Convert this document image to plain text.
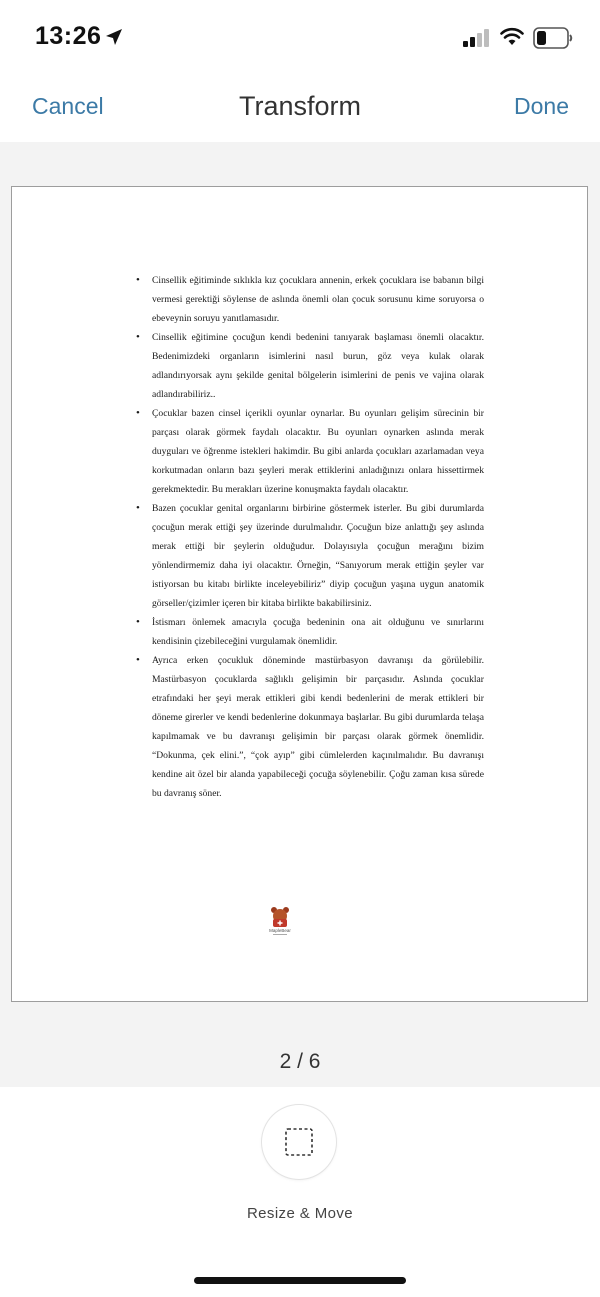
13:26
Cancel	Transform	Done
• Cinsellik eğitiminde sıklıkla kız çocuklara annenin, erkek çocuklara ise babanın bilgi vermesi gerektiği söylense de aslında önemli olan çocuk sorusunu kime soruyorsa o ebeveynin soruyu yanıtlamasıdır.
• Cinsellik eğitimine çocuğun kendi bedenini tanıyarak başlaması önemli olacaktır. Bedenimizdeki organların isimlerini nasıl burun, göz veya kulak olarak adlandırıyorsak aynı şekilde genital bölgelerin isimlerini de penis ve vajina olarak adlandırabiliriz..
• Çocuklar bazen cinsel içerikli oyunlar oynarlar. Bu oyunları gelişim sürecinin bir parçası olarak görmek faydalı olacaktır. Bu oyunları oynarken aslında merak duyguları ve öğrenme istekleri hakimdir. Bu gibi anlarda çocukları azarlamadan veya korkutmadan onların bazı şeyleri merak ettiklerini anladığınızı onlara hissettirmek gerekmektedir. Bu merakları üzerine konuşmakta faydalı olacaktır.
• Bazen çocuklar genital organlarını birbirine göstermek isterler. Bu gibi durumlarda çocuğun merak ettiği şey üzerinde durulmalıdır. Çocuğun bize anlattığı şey aslında merak ettiği bir şeylerin olduğudur. Dolayısıyla çocuğun merağını bizim yönlendirmemiz daha iyi olacaktır. Örneğin, “Sanıyorum merak ettiğin şeyler var istiyorsan bu kitabı birlikte inceleyebiliriz” diyip çocuğun yaşına uygun anatomik görseller/çizimler içeren bir kitaba birlikte bakabilirsiniz.
• İstismarı önlemek amacıyla çocuğa bedeninin ona ait olduğunu ve sınırlarını kendisinin çizebileceğini vurgulamak önemlidir.
• Ayrıca erken çocukluk döneminde mastürbasyon davranışı da görülebilir. Mastürbasyon çocuklarda sağlıklı gelişimin bir parçasıdır. Aslında çocuklar etrafındaki her şeyi merak ettikleri gibi kendi bedenlerini de merak ettikleri bir döneme girerler ve kendi bedenlerine dokunmaya başlarlar. Bu gibi durumlarda telaşa kapılmamak ve bu davranışı gelişimin bir parçası olarak görmek önemlidir. “Dokunma, çek elini.”, “çok ayıp” gibi cümlelerden kaçınılmalıdır. Bu davranışı kendine ait özel bir alanda yapabileceği çocuğa söylenebilir. Çoğu zaman kısa sürede bu davranış söner.
MapleBear
2 / 6
Resize & Move
